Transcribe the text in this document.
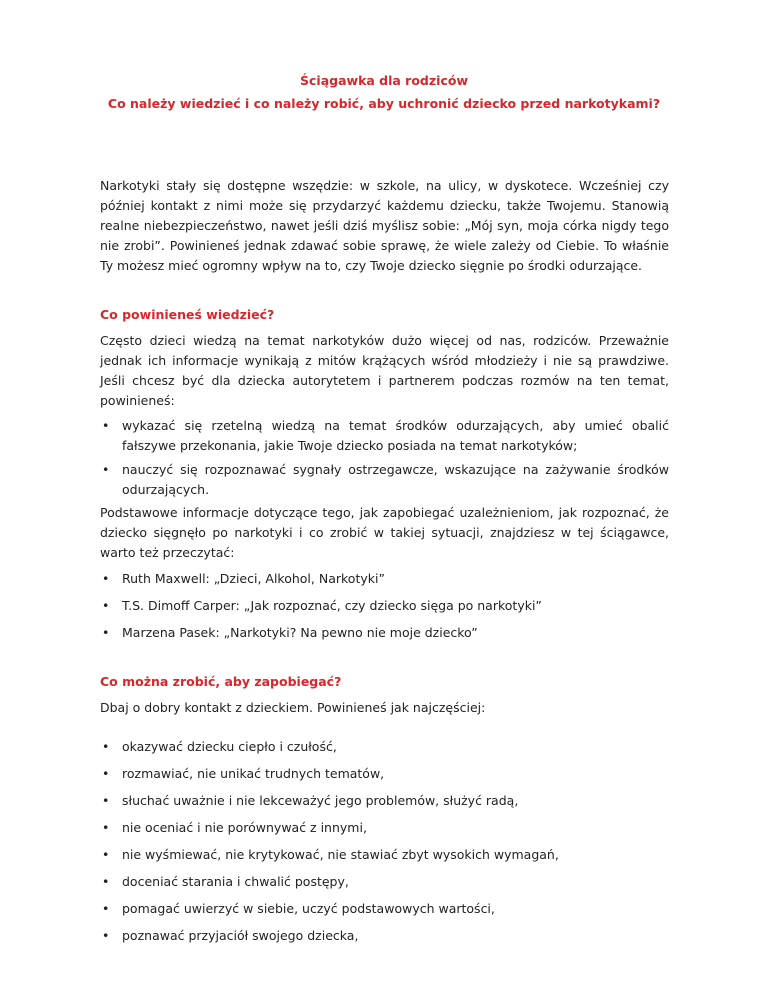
Ściągawka dla rodziców
Co należy wiedzieć i co należy robić, aby uchronić dziecko przed narkotykami?
Narkotyki stały się dostępne wszędzie: w szkole, na ulicy, w dyskotece. Wcześniej czy później kontakt z nimi może się przydarzyć każdemu dziecku, także Twojemu. Stanowią realne niebezpieczeństwo, nawet jeśli dziś myślisz sobie: „Mój syn, moja córka nigdy tego nie zrobi”. Powinieneś jednak zdawać sobie sprawę, że wiele zależy od Ciebie. To właśnie Ty możesz mieć ogromny wpływ na to, czy Twoje dziecko sięgnie po środki odurzające.
Co powinieneś wiedzieć?
Często dzieci wiedzą na temat narkotyków dużo więcej od nas, rodziców. Przeważnie jednak ich informacje wynikają z mitów krążących wśród młodzieży i nie są prawdziwe. Jeśli chcesz być dla dziecka autorytetem i partnerem podczas rozmów na ten temat, powinieneś:
• wykazać się rzetelną wiedzą na temat środków odurzających, aby umieć obalić fałszywe przekonania, jakie Twoje dziecko posiada na temat narkotyków;
• nauczyć się rozpoznawać sygnały ostrzegawcze, wskazujące na zażywanie środków odurzających.
Podstawowe informacje dotyczące tego, jak zapobiegać uzależnieniom, jak rozpoznać, że dziecko sięgnęło po narkotyki i co zrobić w takiej sytuacji, znajdziesz w tej ściągawce, warto też przeczytać:
• Ruth Maxwell: „Dzieci, Alkohol, Narkotyki”
• T.S. Dimoff Carper: „Jak rozpoznać, czy dziecko sięga po narkotyki”
• Marzena Pasek: „Narkotyki? Na pewno nie moje dziecko”
Co można zrobić, aby zapobiegać?
Dbaj o dobry kontakt z dzieckiem. Powinieneś jak najczęściej:
• okazywać dziecku ciepło i czułość,
• rozmawiać, nie unikać trudnych tematów,
• słuchać uważnie i nie lekceważyć jego problemów, służyć radą,
• nie oceniać i nie porównywać z innymi,
• nie wyśmiewać, nie krytykować, nie stawiać zbyt wysokich wymagań,
• doceniać starania i chwalić postępy,
• pomagać uwierzyć w siebie, uczyć podstawowych wartości,
• poznawać przyjaciół swojego dziecka,
